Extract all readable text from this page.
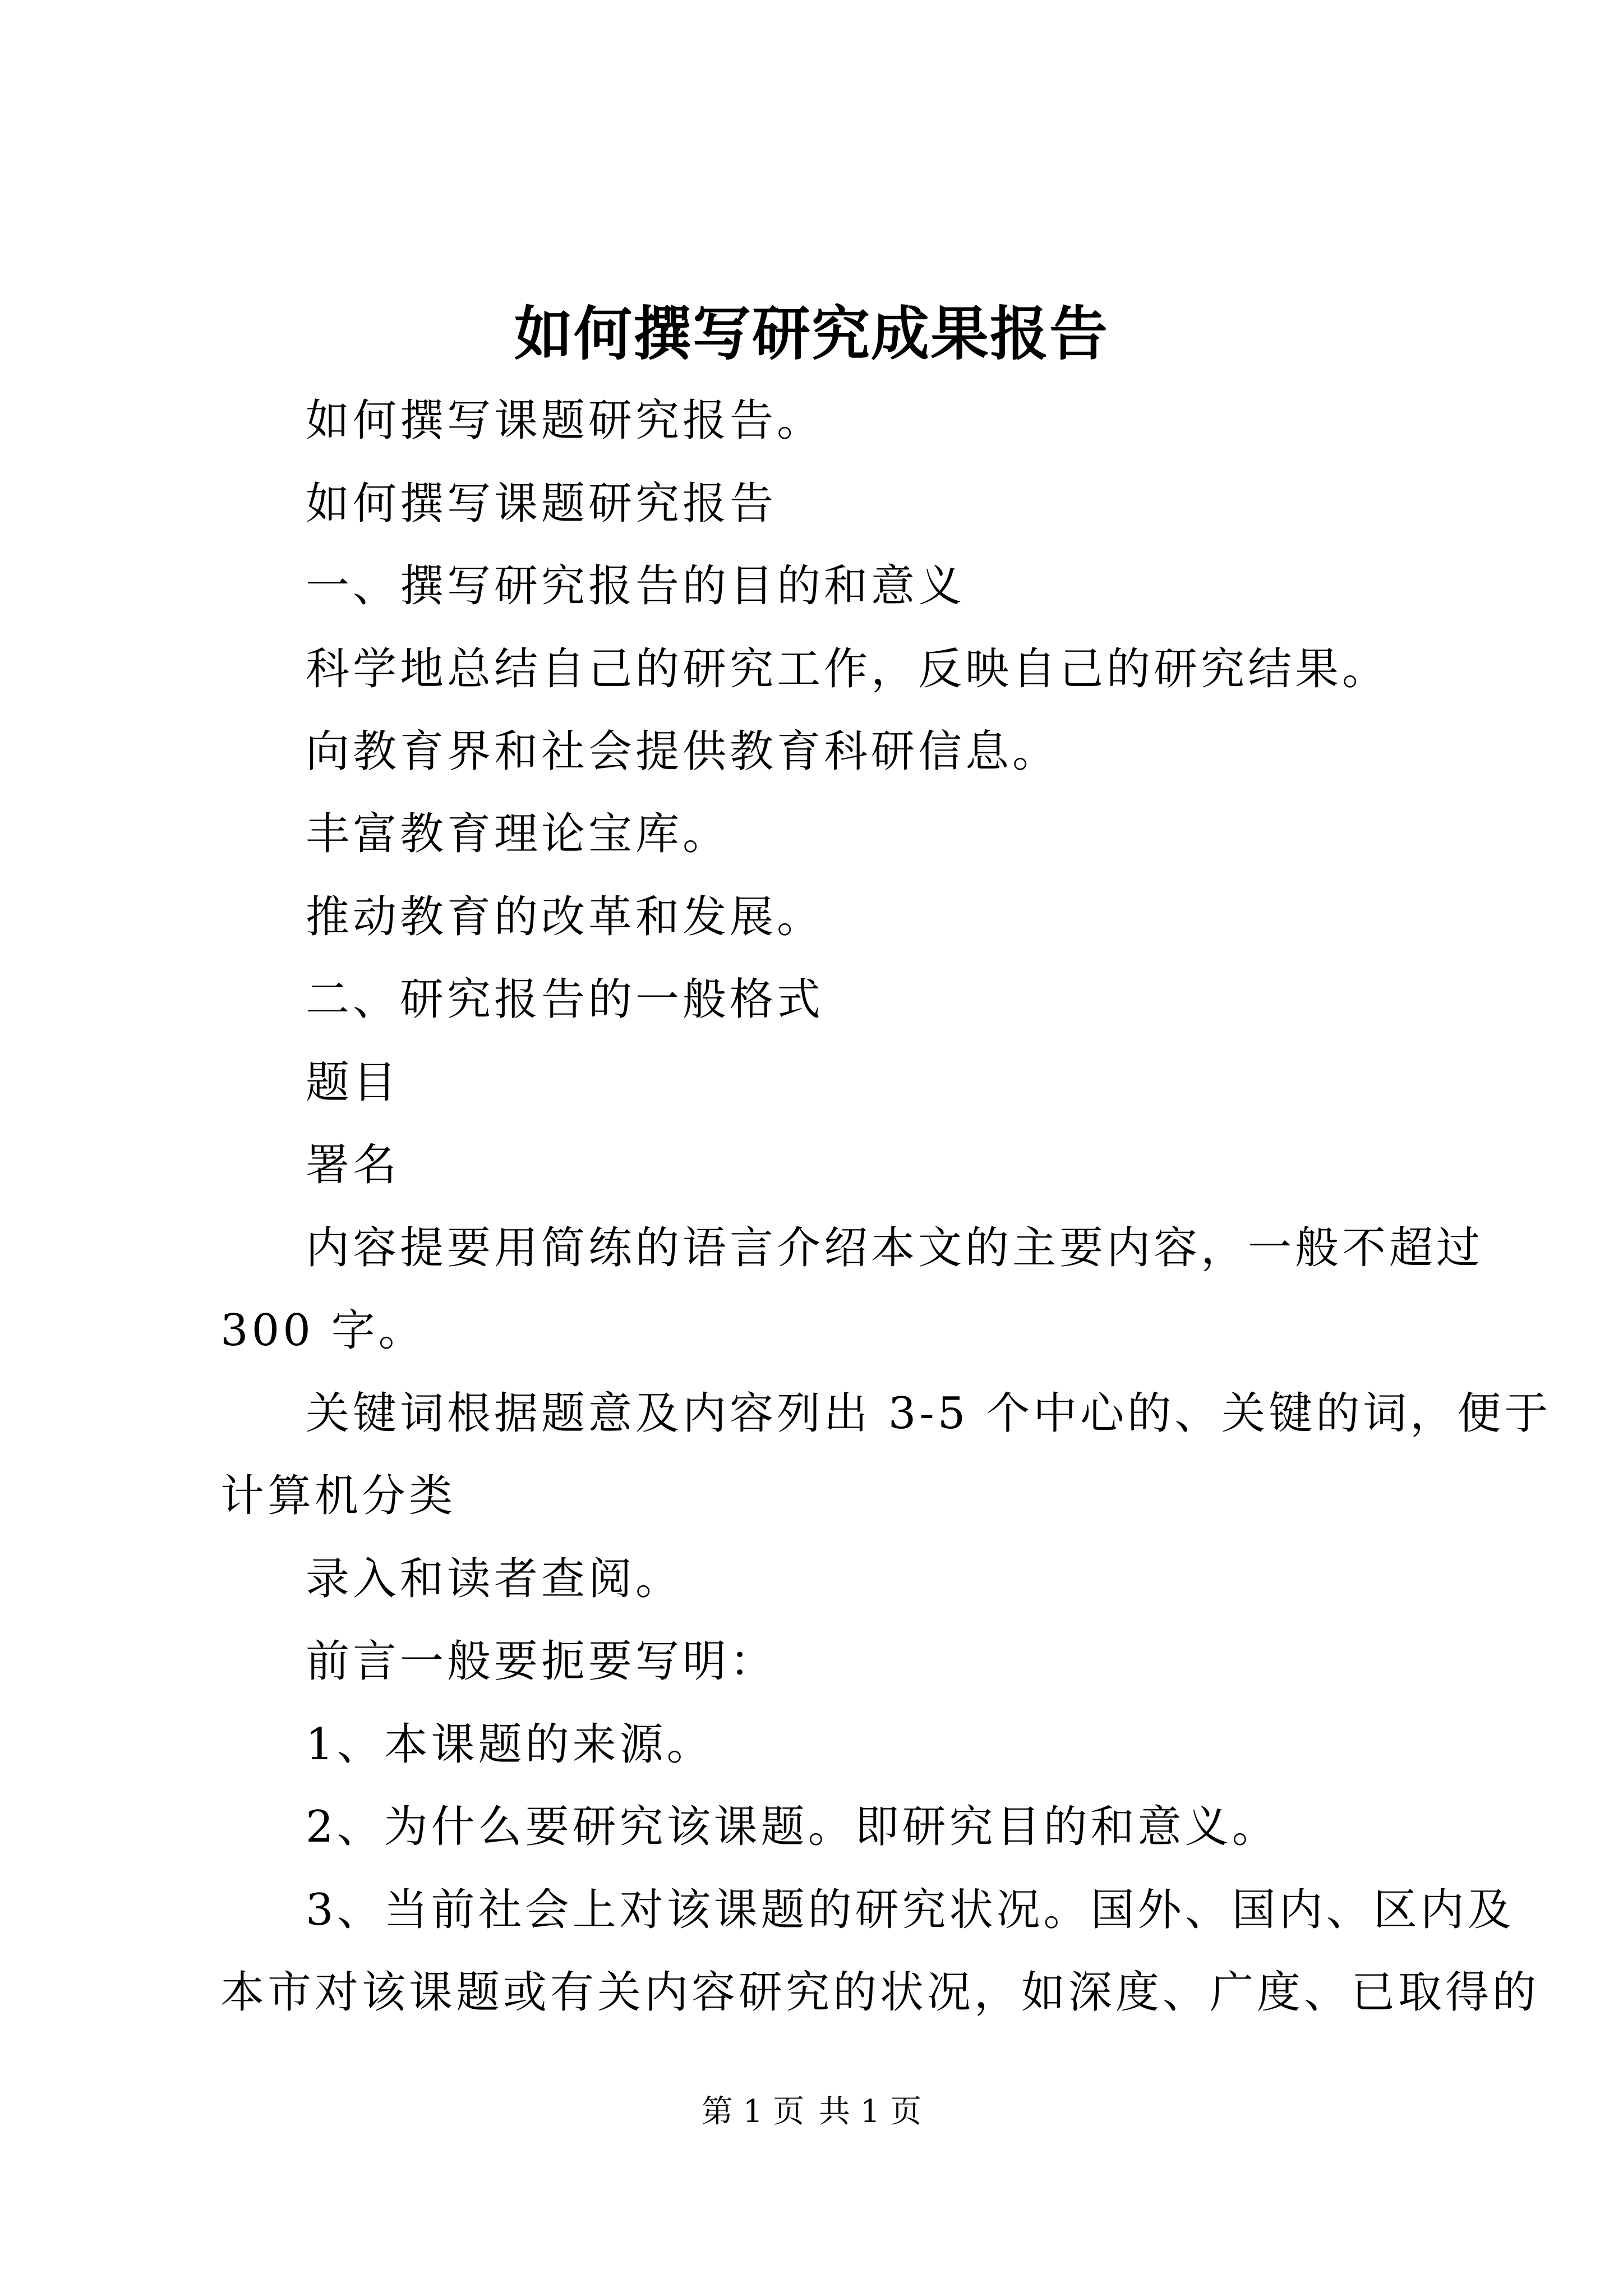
如何撰写研究成果报告
如何撰写课题研究报告。
如何撰写课题研究报告
一、撰写研究报告的目的和意义
科学地总结自己的研究工作，反映自己的研究结果。
向教育界和社会提供教育科研信息。
丰富教育理论宝库。
推动教育的改革和发展。
二、研究报告的一般格式
题目
署名
内容提要用简练的语言介绍本文的主要内容，一般不超过
300 字。
关键词根据题意及内容列出 3-5 个中心的、关键的词，便于
计算机分类
录入和读者查阅。
前言一般要扼要写明：
1、本课题的来源。
2、为什么要研究该课题。即研究目的和意义。
3、当前社会上对该课题的研究状况。国外、国内、区内及
本市对该课题或有关内容研究的状况，如深度、广度、已取得的
第 1 页 共 1 页
